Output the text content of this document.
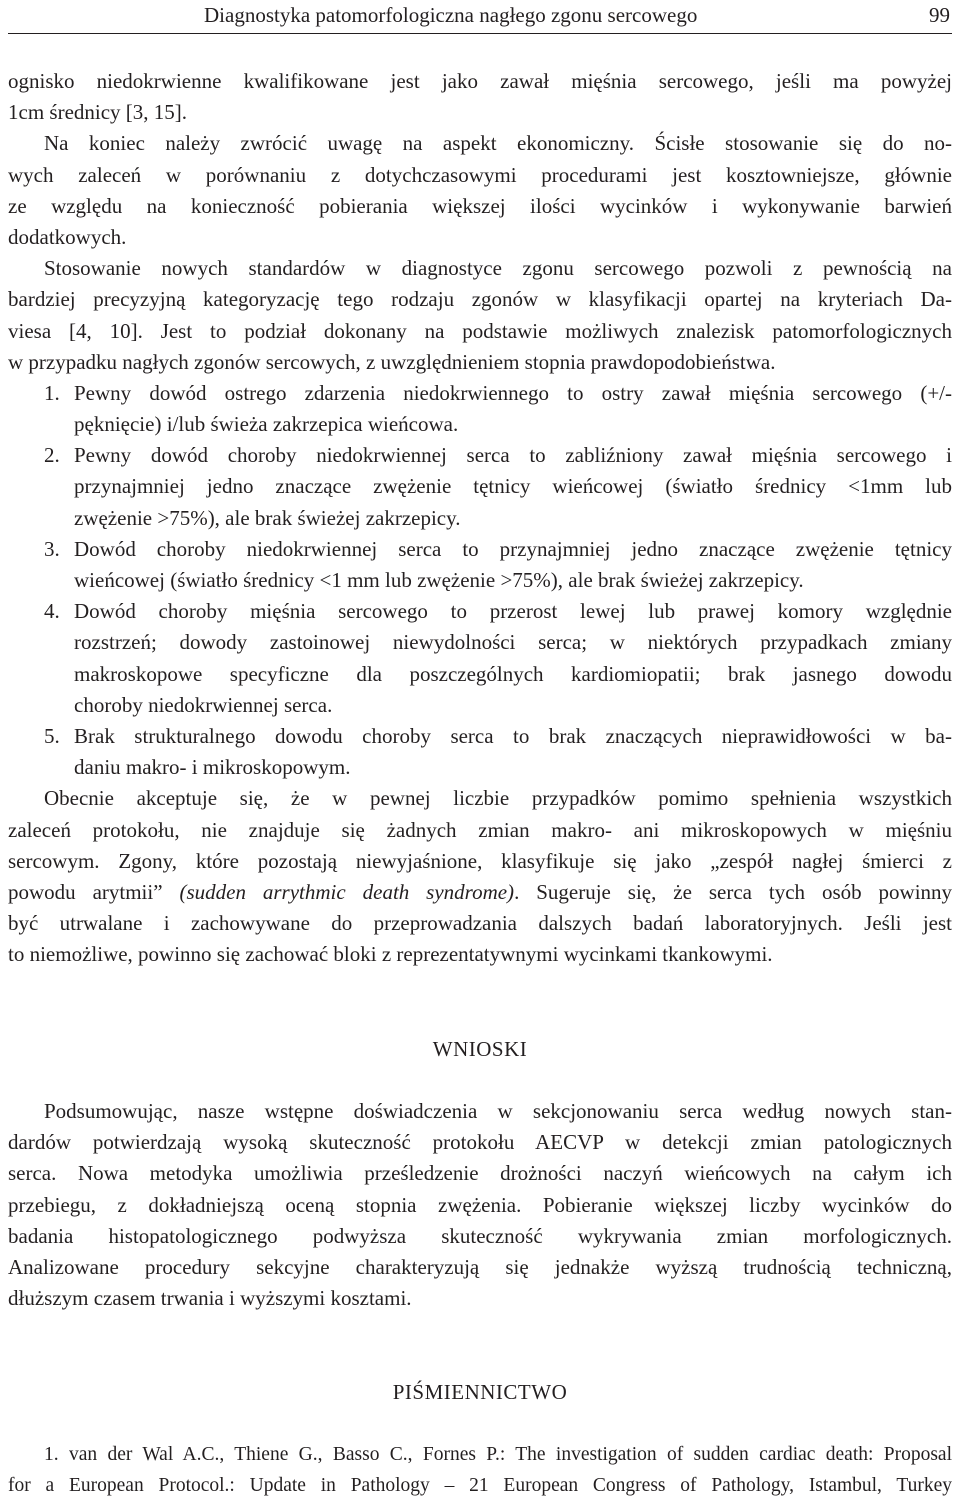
Diagnostyka patomorfologiczna nagłego zgonu sercowego	99
ognisko niedokrwienne kwalifikowane jest jako zawał mięśnia sercowego, jeśli ma powyżej
1cm średnicy [3, 15].
Na koniec należy zwrócić uwagę na aspekt ekonomiczny. Ścisłe stosowanie się do no-
wych zaleceń w porównaniu z dotychczasowymi procedurami jest kosztowniejsze, głównie
ze względu na konieczność pobierania większej ilości wycinków i wykonywanie barwień
dodatkowych.
Stosowanie nowych standardów w diagnostyce zgonu sercowego pozwoli z pewnością na
bardziej precyzyjną kategoryzację tego rodzaju zgonów w klasyfikacji opartej na kryteriach Da-
viesa [4, 10]. Jest to podział dokonany na podstawie możliwych znalezisk patomorfologicznych
w przypadku nagłych zgonów sercowych, z uwzględnieniem stopnia prawdopodobieństwa.
1. Pewny dowód ostrego zdarzenia niedokrwiennego to ostry zawał mięśnia sercowego (+/-
pęknięcie) i/lub świeża zakrzepica wieńcowa.
2. Pewny dowód choroby niedokrwiennej serca to zabliźniony zawał mięśnia sercowego i
przynajmniej jedno znaczące zwężenie tętnicy wieńcowej (światło średnicy <1mm lub
zwężenie >75%), ale brak świeżej zakrzepicy.
3. Dowód choroby niedokrwiennej serca to przynajmniej jedno znaczące zwężenie tętnicy
wieńcowej (światło średnicy <1 mm lub zwężenie >75%), ale brak świeżej zakrzepicy.
4. Dowód choroby mięśnia sercowego to przerost lewej lub prawej komory względnie
rozstrzeń; dowody zastoinowej niewydolności serca; w niektórych przypadkach zmiany
makroskopowe specyficzne dla poszczególnych kardiomiopatii; brak jasnego dowodu
choroby niedokrwiennej serca.
5. Brak strukturalnego dowodu choroby serca to brak znaczących nieprawidłowości w ba-
daniu makro- i mikroskopowym.
Obecnie akceptuje się, że w pewnej liczbie przypadków pomimo spełnienia wszystkich
zaleceń protokołu, nie znajduje się żadnych zmian makro- ani mikroskopowych w mięśniu
sercowym. Zgony, które pozostają niewyjaśnione, klasyfikuje się jako „zespół nagłej śmierci z
powodu arytmii” (sudden arrythmic death syndrome). Sugeruje się, że serca tych osób powinny
być utrwalane i zachowywane do przeprowadzania dalszych badań laboratoryjnych. Jeśli jest
to niemożliwe, powinno się zachować bloki z reprezentatywnymi wycinkami tkankowymi.
WNIOSKI
Podsumowując, nasze wstępne doświadczenia w sekcjonowaniu serca według nowych stan-
dardów potwierdzają wysoką skuteczność protokołu AECVP w detekcji zmian patologicznych
serca. Nowa metodyka umożliwia prześledzenie drożności naczyń wieńcowych na całym ich
przebiegu, z dokładniejszą oceną stopnia zwężenia. Pobieranie większej liczby wycinków do
badania histopatologicznego podwyższa skuteczność wykrywania zmian morfologicznych.
Analizowane procedury sekcyjne charakteryzują się jednakże wyższą trudnością techniczną,
dłuższym czasem trwania i wyższymi kosztami.
PIŚMIENNICTWO
1. van der Wal A.C., Thiene G., Basso C., Fornes P.: The investigation of sudden cardiac death: Proposal
for a European Protocol.: Update in Pathology – 21 European Congress of Pathology, Istambul, Turkey
